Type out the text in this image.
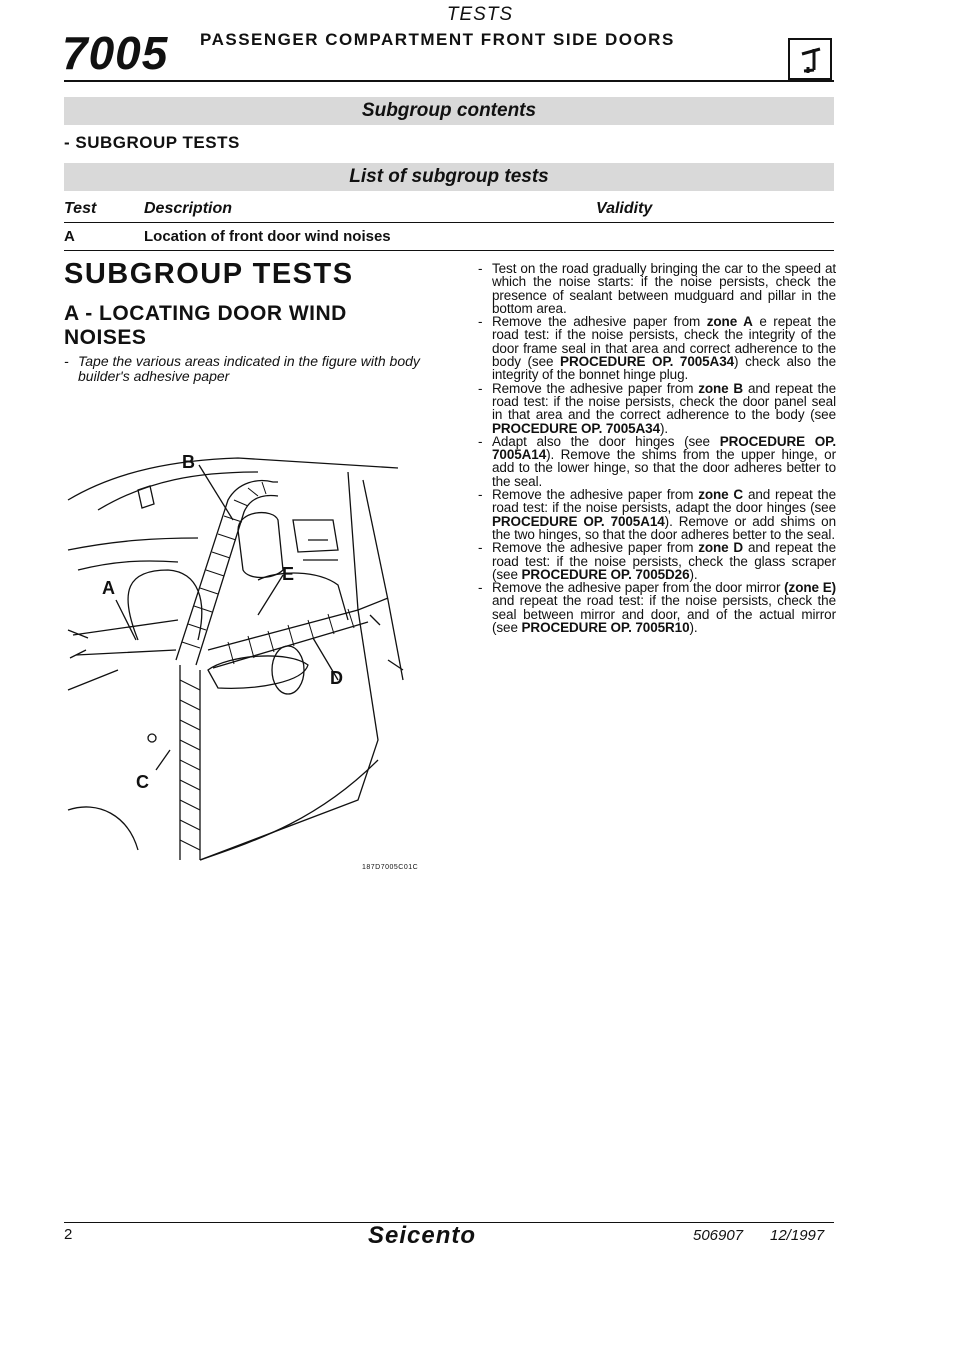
TESTS
7005 PASSENGER COMPARTMENT FRONT SIDE DOORS
Subgroup contents
- SUBGROUP TESTS
List of subgroup tests
Test	Description	Validity
A	Location of front door wind noises
SUBGROUP TESTS
A - LOCATING DOOR WIND NOISES
- Tape the various areas indicated in the figure with body builder's adhesive paper
B
A
E
D
C
187D7005C01C
- Test on the road gradually bringing the car to the speed at which the noise starts: if the noise persists, check the presence of sealant between mudguard and pillar in the bottom area.
- Remove the adhesive paper from zone A e repeat the road test: if the noise persists, check the integrity of the door frame seal in that area and correct adherence to the body (see PROCEDURE OP. 7005A34) check also the integrity of the bonnet hinge plug.
- Remove the adhesive paper from zone B and repeat the road test: if the noise persists, check the door panel seal in that area and the correct adherence to the body (see PROCEDURE OP. 7005A34).
- Adapt also the door hinges (see PROCEDURE OP. 7005A14). Remove the shims from the upper hinge, or add to the lower hinge, so that the door adheres better to the seal.
- Remove the adhesive paper from zone C and repeat the road test: if the noise persists, adapt the door hinges (see PROCEDURE OP. 7005A14). Remove or add shims on the two hinges, so that the door adheres better to the seal.
- Remove the adhesive paper from zone D and repeat the road test: if the noise persists, check the glass scraper (see PROCEDURE OP. 7005D26).
- Remove the adhesive paper from the door mirror (zone E) and repeat the road test: if the noise persists, check the seal between mirror and door, and of the actual mirror (see PROCEDURE OP. 7005R10).
2	Seicento	506907 12/1997
